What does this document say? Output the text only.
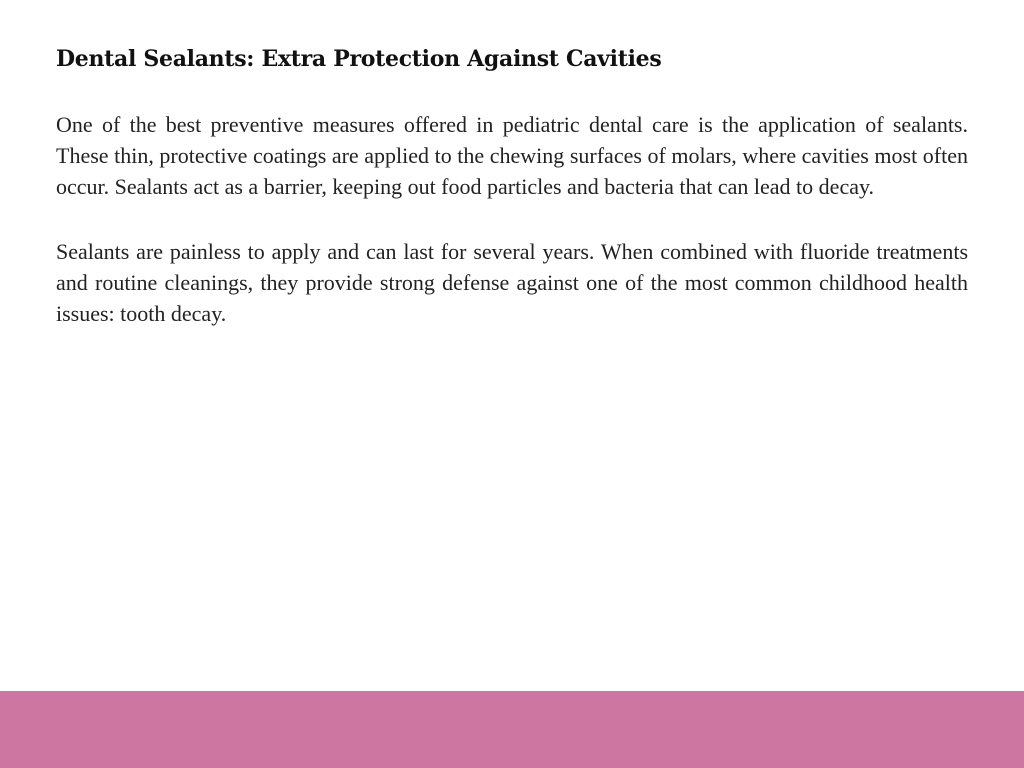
Dental Sealants: Extra Protection Against Cavities

One of the best preventive measures offered in pediatric dental care is the application of sealants. These thin, protective coatings are applied to the chewing surfaces of molars, where cavities most often occur. Sealants act as a barrier, keeping out food particles and bacteria that can lead to decay.

Sealants are painless to apply and can last for several years. When combined with fluoride treatments and routine cleanings, they provide strong defense against one of the most common childhood health issues: tooth decay.
